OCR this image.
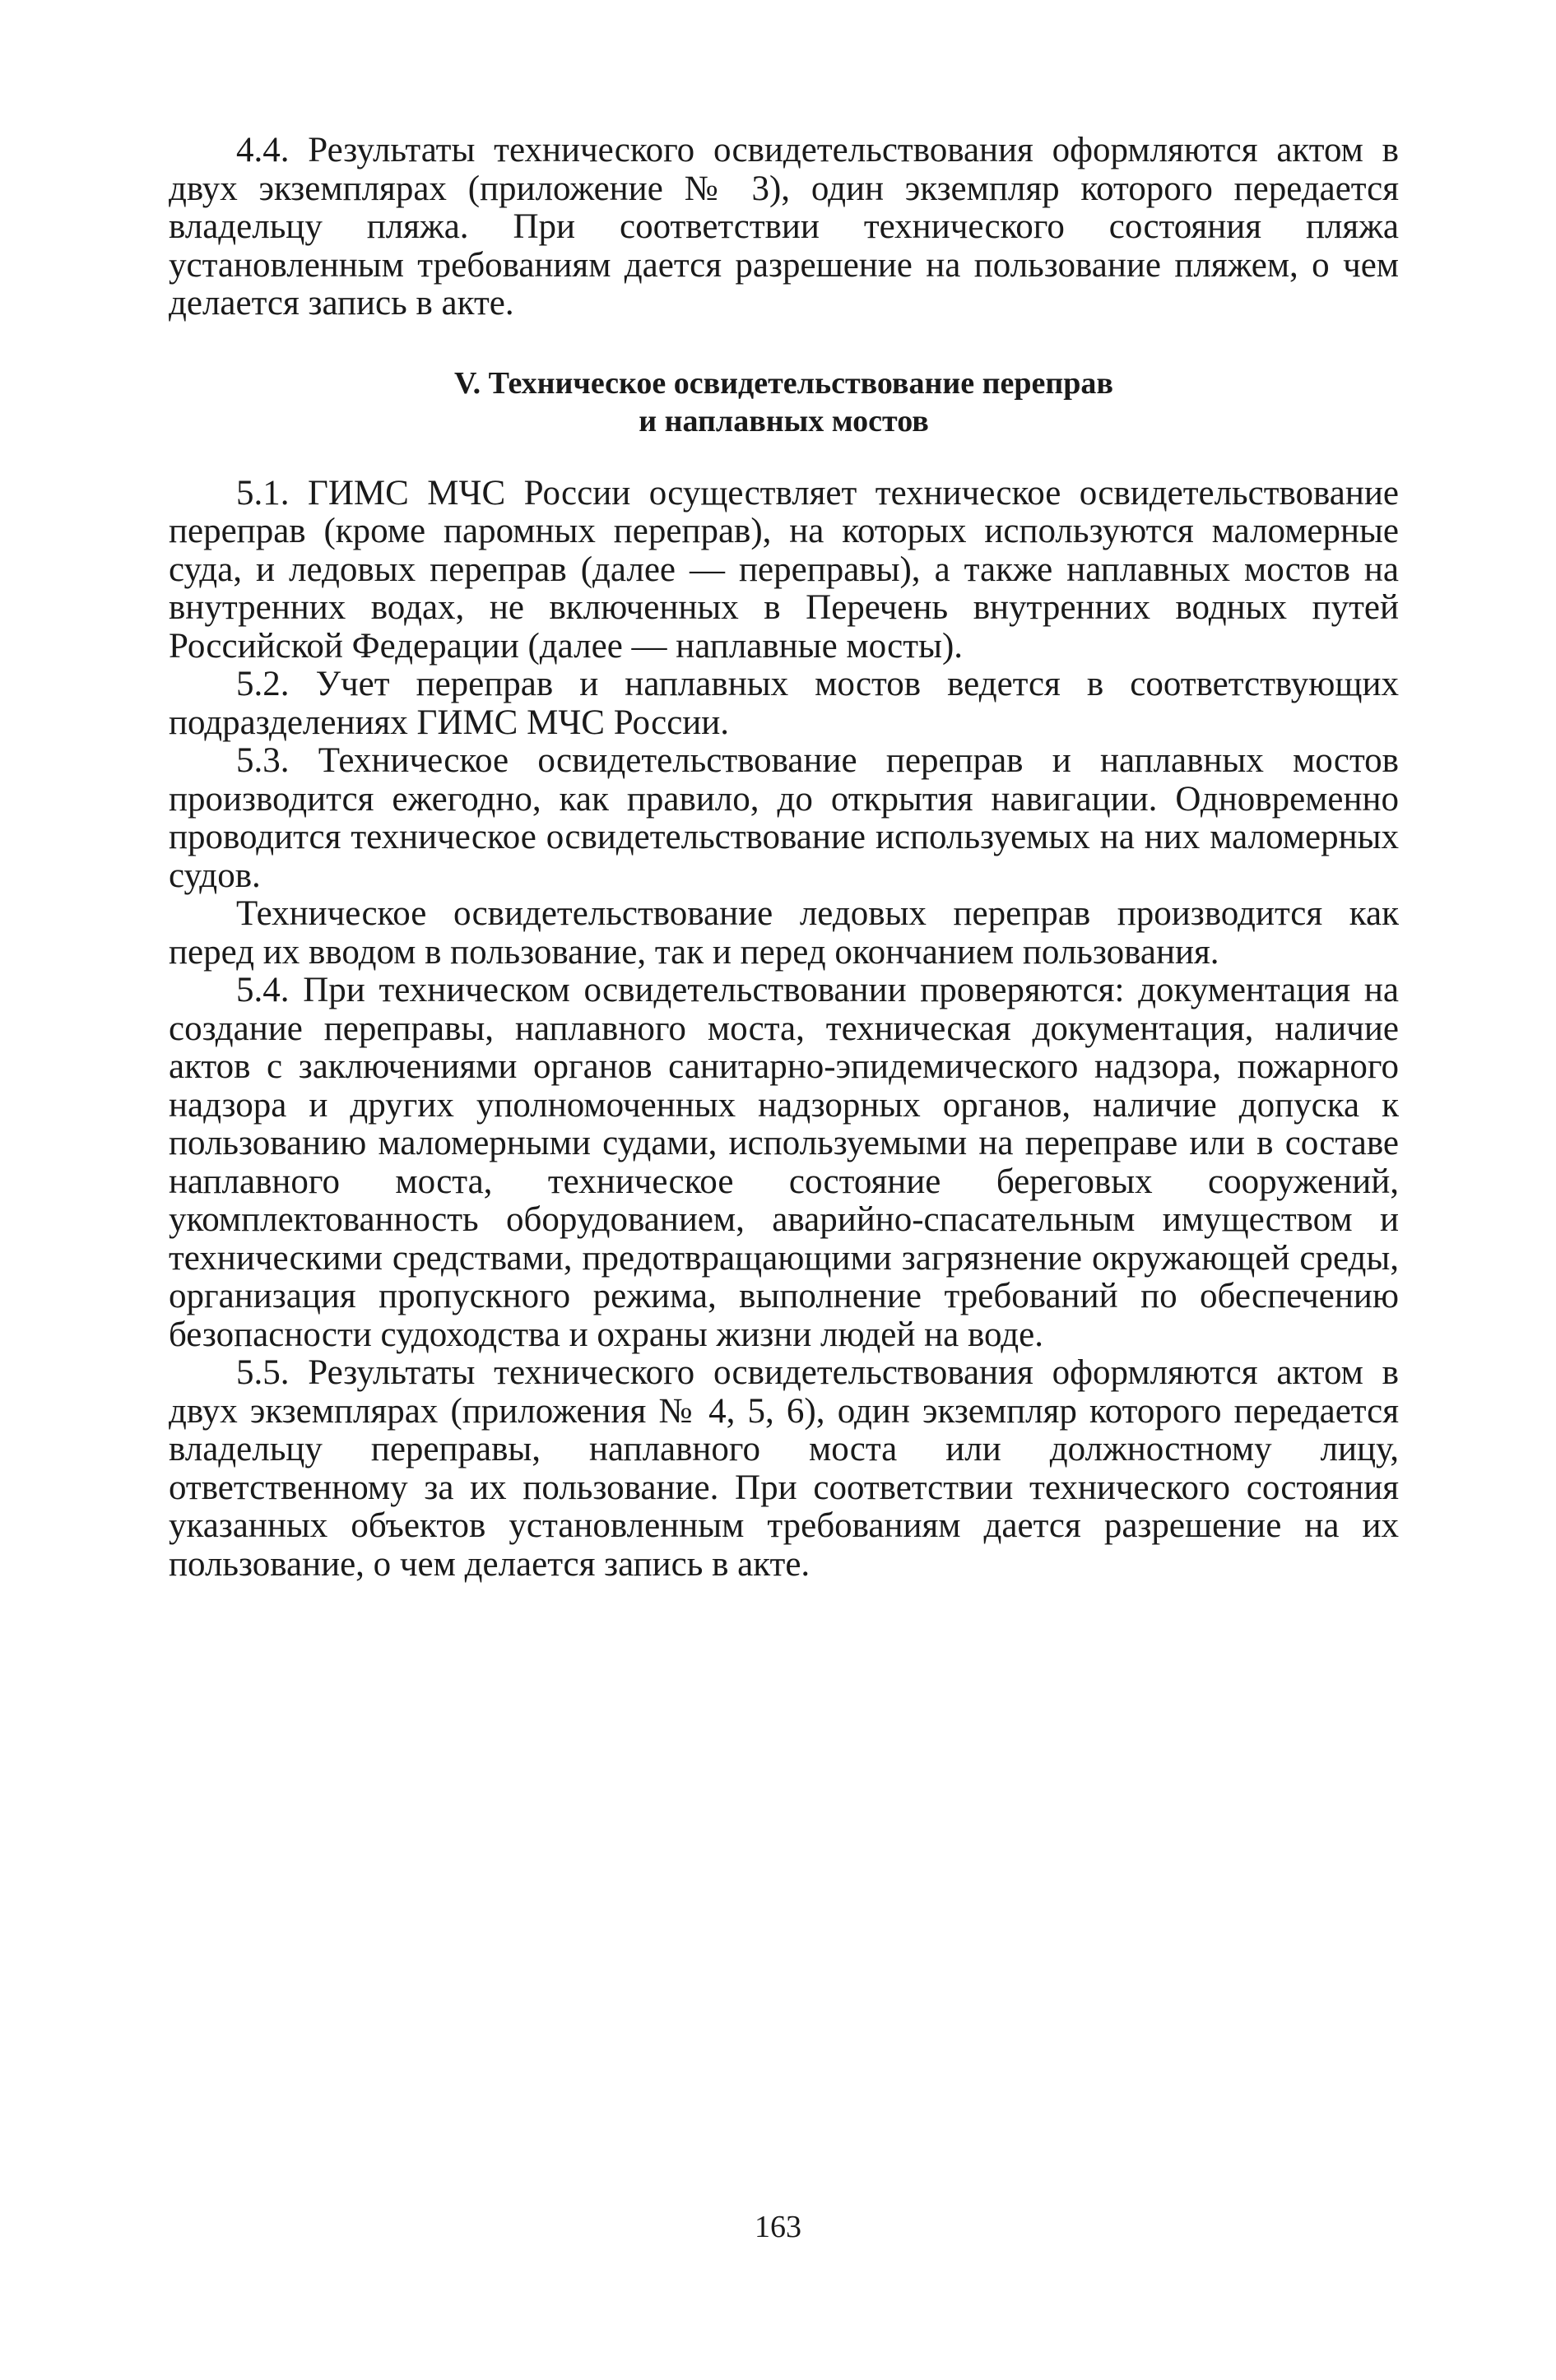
4.4. Результаты технического освидетельствования оформляются актом в двух экземплярах (приложение № 3), один экземпляр которого передается владельцу пляжа. При соответствии технического состояния пляжа установленным требованиям дается разрешение на пользование пляжем, о чем делается запись в акте.

V. Техническое освидетельствование переправ
и наплавных мостов

5.1. ГИМС МЧС России осуществляет техническое освидетельствование переправ (кроме паромных переправ), на которых используются маломерные суда, и ледовых переправ (далее — переправы), а также наплавных мостов на внутренних водах, не включенных в Перечень внутренних водных путей Российской Федерации (далее — наплавные мосты).

5.2. Учет переправ и наплавных мостов ведется в соответствующих подразделениях ГИМС МЧС России.

5.3. Техническое освидетельствование переправ и наплавных мостов производится ежегодно, как правило, до открытия навигации. Одновременно проводится техническое освидетельствование используемых на них маломерных судов.

Техническое освидетельствование ледовых переправ производится как перед их вводом в пользование, так и перед окончанием пользования.

5.4. При техническом освидетельствовании проверяются: документация на создание переправы, наплавного моста, техническая документация, наличие актов с заключениями органов санитарно-эпидемического надзора, пожарного надзора и других уполномоченных надзорных органов, наличие допуска к пользованию маломерными судами, используемыми на переправе или в составе наплавного моста, техническое состояние береговых сооружений, укомплектованность оборудованием, аварийно-спасательным имуществом и техническими средствами, предотвращающими загрязнение окружающей среды, организация пропускного режима, выполнение требований по обеспечению безопасности судоходства и охраны жизни людей на воде.

5.5. Результаты технического освидетельствования оформляются актом в двух экземплярах (приложения № 4, 5, 6), один экземпляр которого передается владельцу переправы, наплавного моста или должностному лицу, ответственному за их пользование. При соответствии технического состояния указанных объектов установленным требованиям дается разрешение на их пользование, о чем делается запись в акте.

163
